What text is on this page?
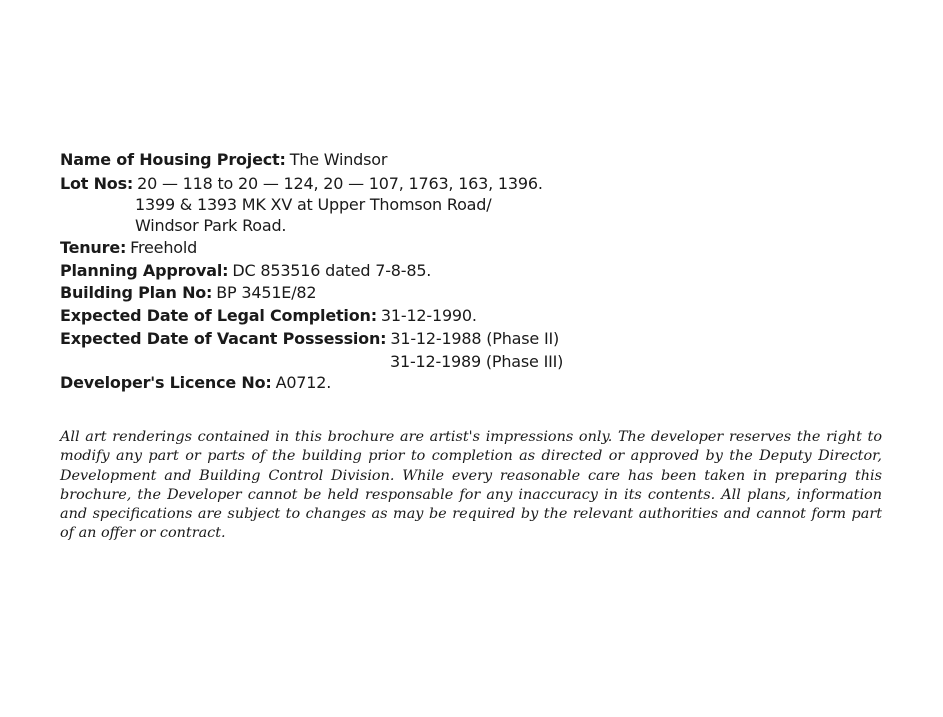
Name of Housing Project: The Windsor
Lot Nos: 20 — 118 to 20 — 124, 20 — 107, 1763, 163, 1396.
1399 & 1393 MK XV at Upper Thomson Road/
Windsor Park Road.
Tenure: Freehold
Planning Approval: DC 853516 dated 7-8-85.
Building Plan No: BP 3451E/82
Expected Date of Legal Completion: 31-12-1990.
Expected Date of Vacant Possession: 31-12-1988 (Phase II)
31-12-1989 (Phase III)
Developer's Licence No: A0712.

All art renderings contained in this brochure are artist's impressions only. The developer reserves the right to modify any part or parts of the building prior to completion as directed or approved by the Deputy Director, Development and Building Control Division. While every reasonable care has been taken in preparing this brochure, the Developer cannot be held responsable for any inaccuracy in its contents. All plans, information and specifications are subject to changes as may be required by the relevant authorities and cannot form part of an offer or contract.
